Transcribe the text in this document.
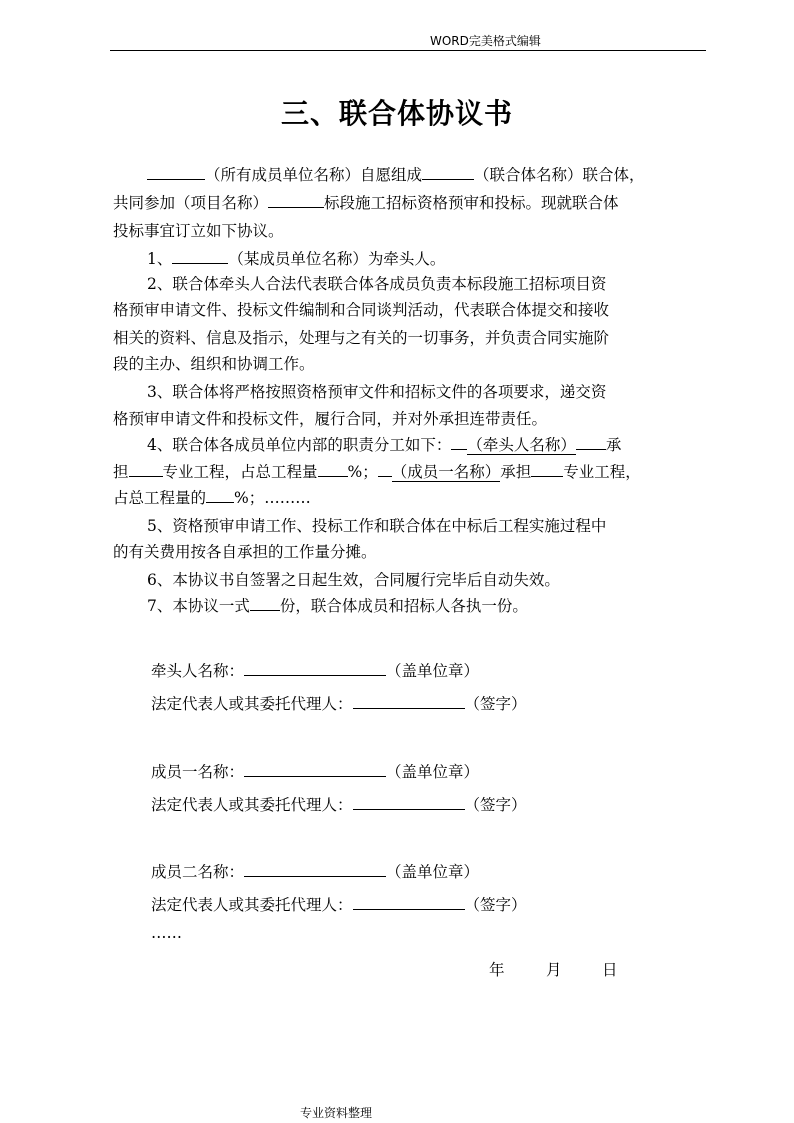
WORD完美格式编辑
三、联合体协议书
（所有成员单位名称）自愿组成	（联合体名称）联合体，
共同参加（项目名称）	标段施工招标资格预审和投标。现就联合体
投标事宜订立如下协议。
1、	（某成员单位名称）为牵头人。
2、联合体牵头人合法代表联合体各成员负责本标段施工招标项目资
格预审申请文件、投标文件编制和合同谈判活动，代表联合体提交和接收
相关的资料、信息及指示，处理与之有关的一切事务，并负责合同实施阶
段的主办、组织和协调工作。
3、联合体将严格按照资格预审文件和招标文件的各项要求，递交资
格预审申请文件和投标文件，履行合同，并对外承担连带责任。
4、联合体各成员单位内部的职责分工如下： （牵头人名称） 承
担 专业工程，占总工程量 %； （成员一名称）承担 专业工程，
占总工程量的 %；………
5、资格预审申请工作、投标工作和联合体在中标后工程实施过程中
的有关费用按各自承担的工作量分摊。
6、本协议书自签署之日起生效，合同履行完毕后自动失效。
7、本协议一式 份，联合体成员和招标人各执一份。
牵头人名称：	（盖单位章）
法定代表人或其委托代理人：	（签字）
成员一名称：	（盖单位章）
法定代表人或其委托代理人：	（签字）
成员二名称：	（盖单位章）
法定代表人或其委托代理人：	（签字）
……
年	月	日
专业资料整理
